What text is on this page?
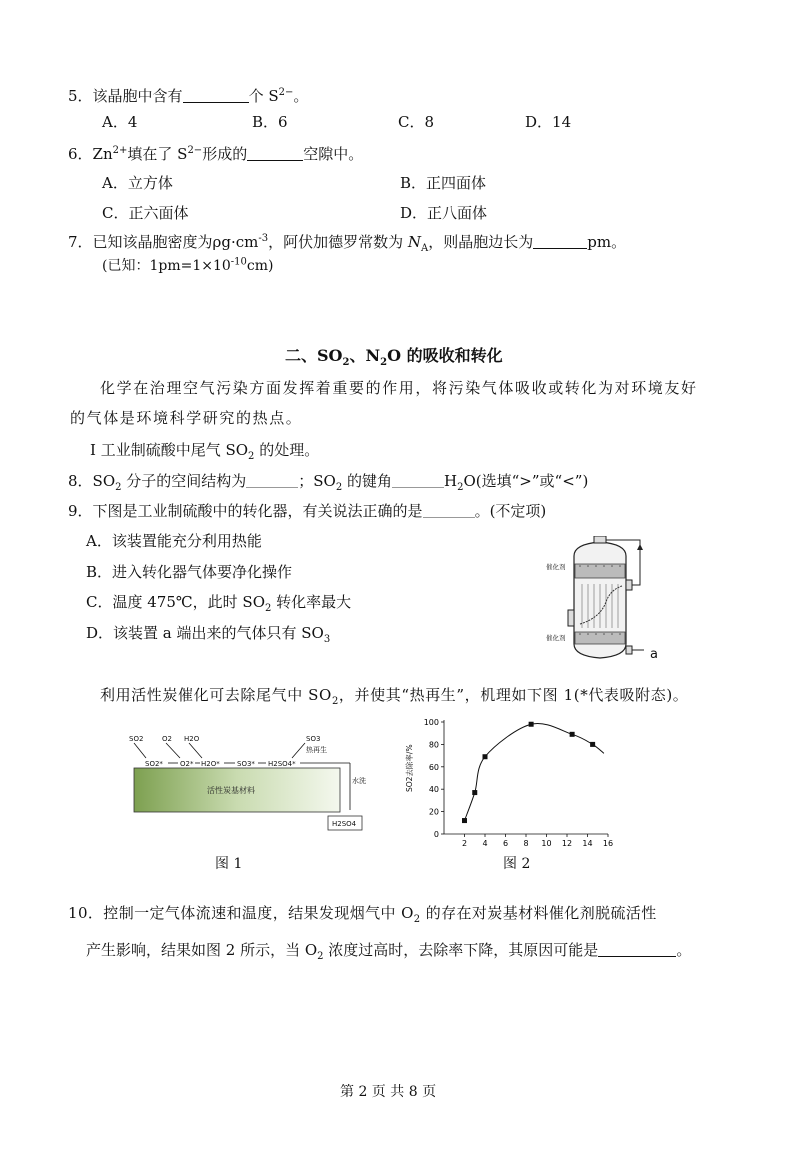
5．该晶胞中含有	个 $S^{2-}$。
A．4	B．6	C．8	D．14
6．$Zn^{2+}$填在了 $S^{2-}$形成的	空隙中。
A．立方体	B．正四面体
C．正六面体	D．正八面体
7．已知该晶胞密度为$\rho g\cdot cm^{-3}$，阿伏加德罗常数为 $N_A$，则晶胞边长为	pm。
(已知：$1pm=1\times 10^{-10}cm$)
二、$SO_2$、$N_2O$ 的吸收和转化
化学在治理空气污染方面发挥着重要的作用，将污染气体吸收或转化为对环境友好
的气体是环境科学研究的热点。
Ⅰ 工业制硫酸中尾气 $SO_2$ 的处理。
8．$SO_2$ 分子的空间结构为	；$SO_2$ 的键角	$H_2O$(选填“>”或“<”)
9．下图是工业制硫酸中的转化器，有关说法正确的是	。(不定项)
A．该装置能充分利用热能
B．进入转化器气体要净化操作
C．温度 475℃，此时 $SO_2$ 转化率最大
D．该装置 a 端出来的气体只有 $SO_3$
催化剂
催化剂
a
利用活性炭催化可去除尾气中 $SO_2$，并使其“热再生”，机理如下图 1(*代表吸附态)。
SO2	O2 H2O	SO3
热再生
SO2* O2* H2O* SO3* H2SO4*
活性炭基材料
水洗
H2SO4
图 1
SO2去除率/%
0
20
40
60
80
100
2 4 6 8 10 12 14 16
图 2
10．控制一定气体流速和温度，结果发现烟气中 $O_2$ 的存在对炭基材料催化剂脱硫活性
产生影响，结果如图 2 所示，当 $O_2$ 浓度过高时，去除率下降，其原因可能是	。
第 2 页 共 8 页
